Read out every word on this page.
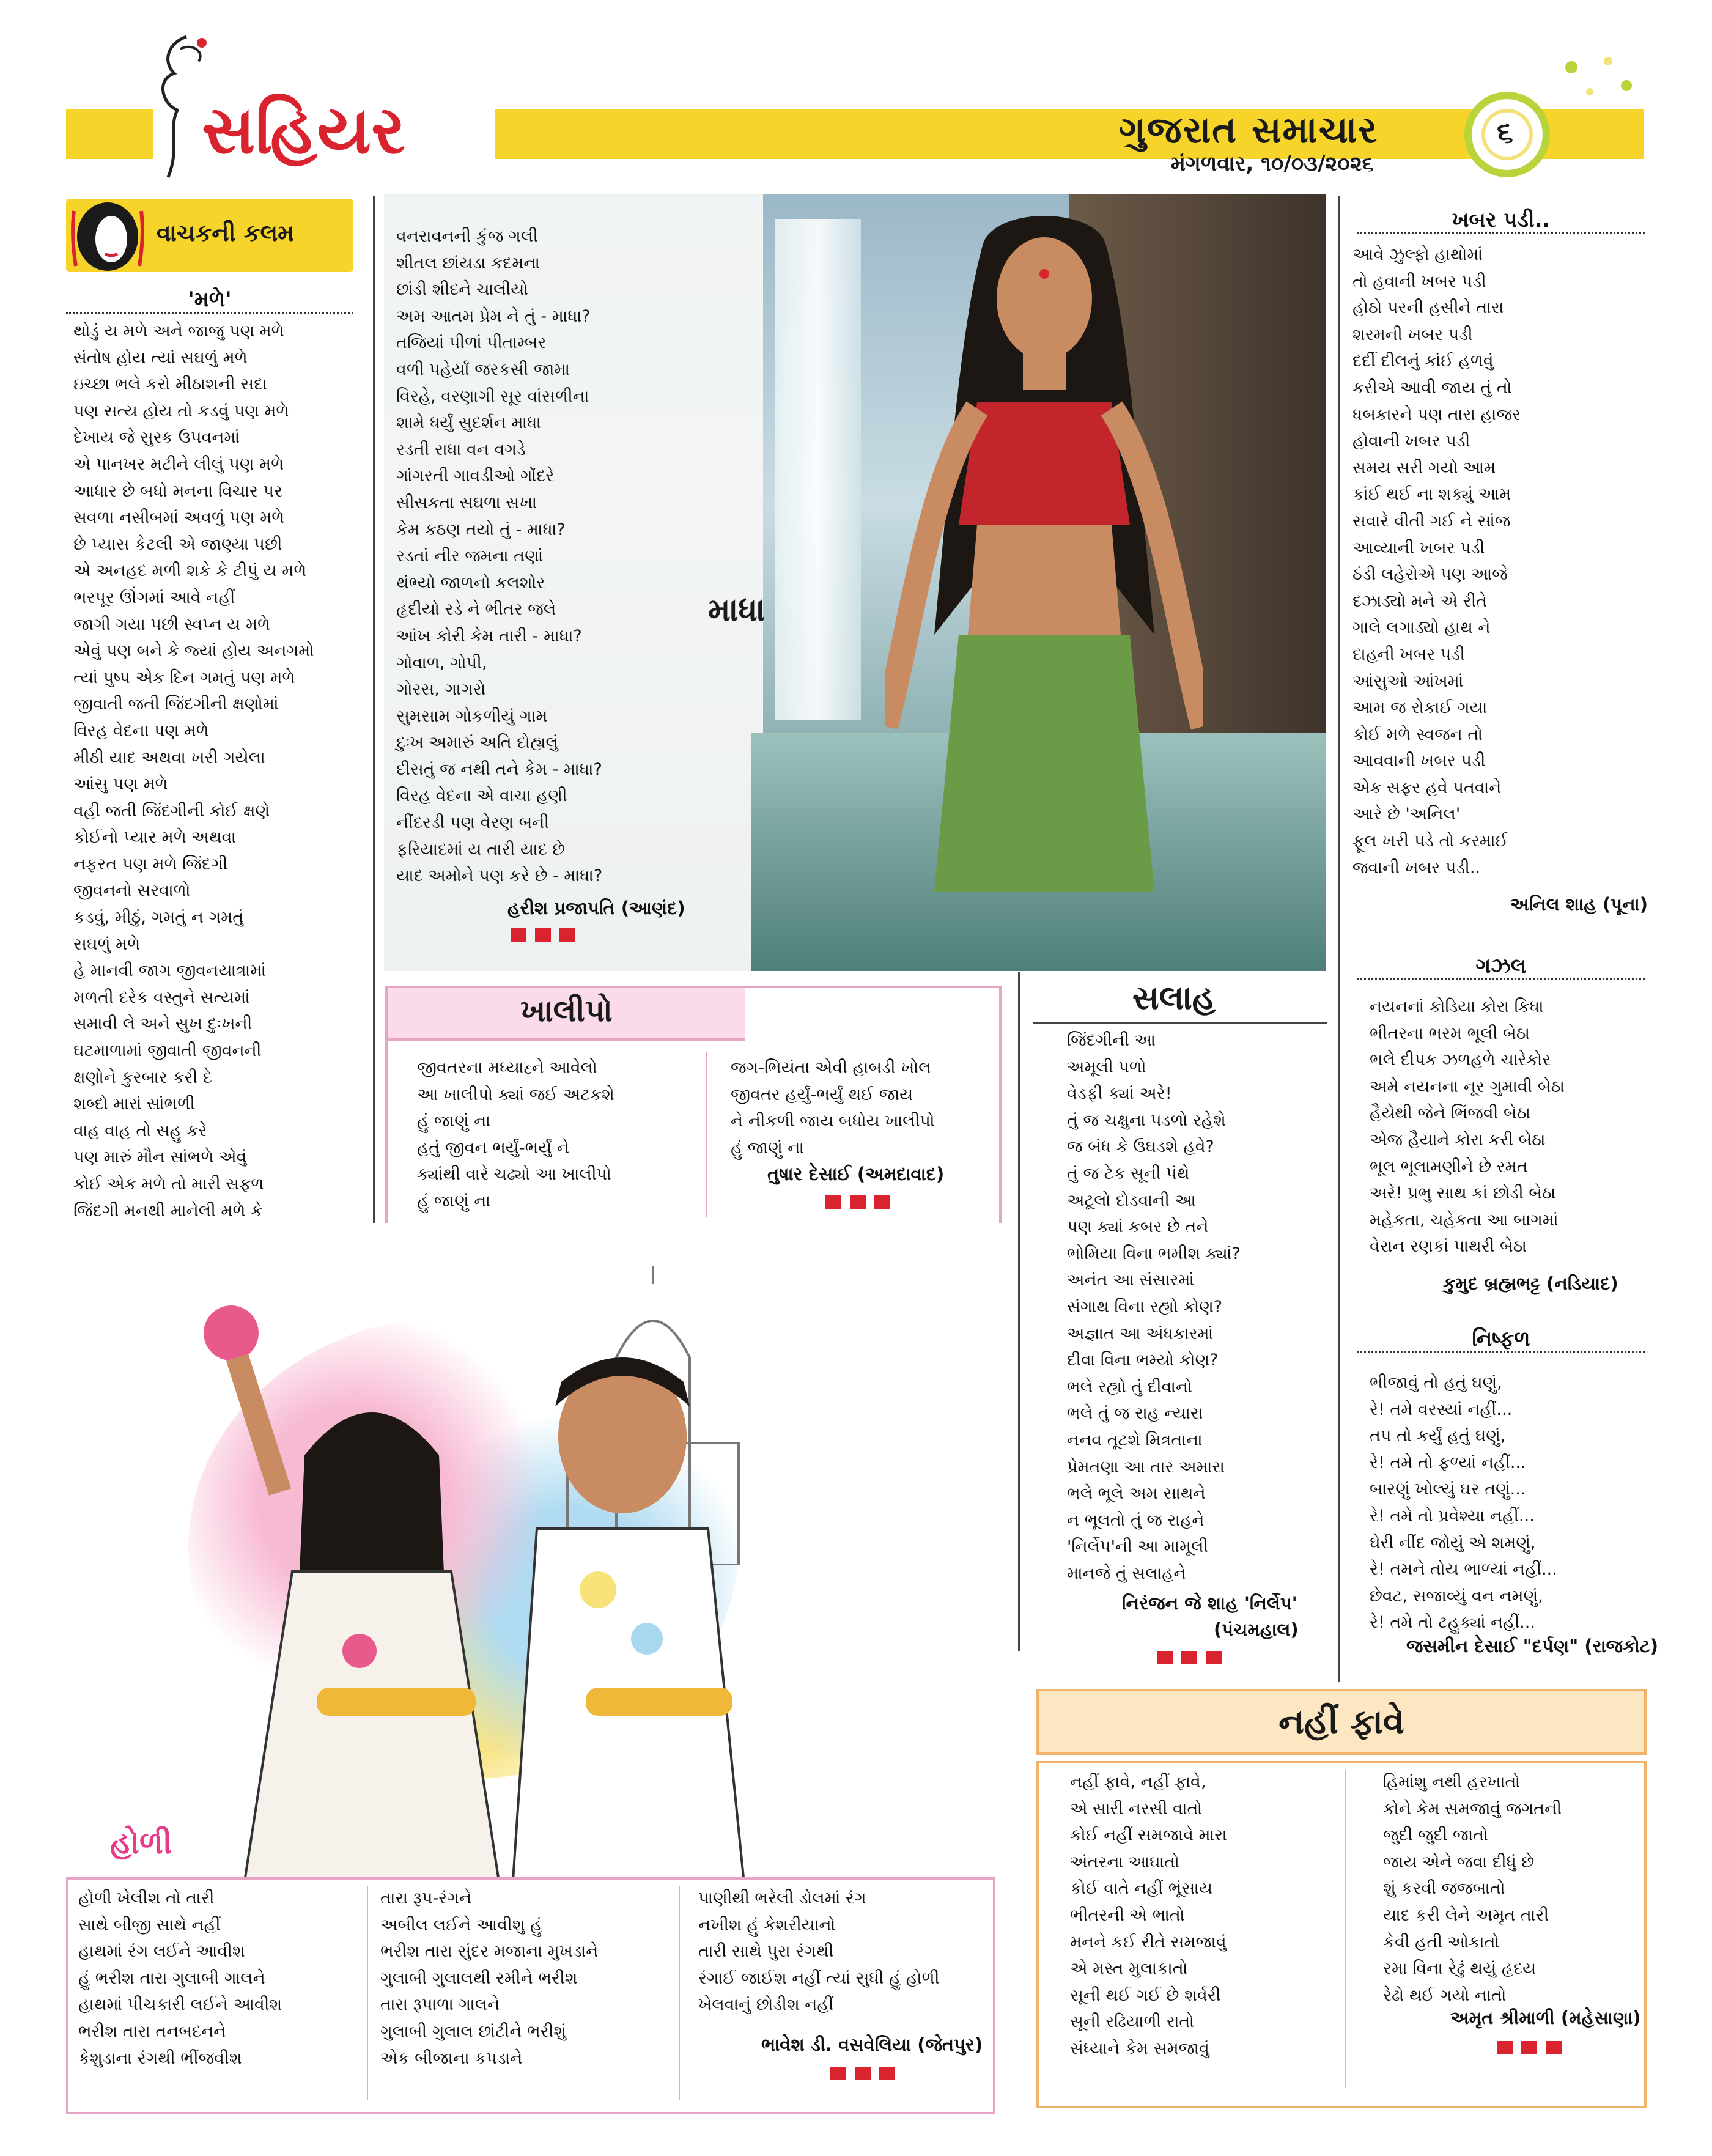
સહિયર	ગુજરાત સમાચાર
મંગળવાર, ૧૦/૦૩/૨૦૨૬
૬
વાચકની કલમ
'મળે'
થોડું ય મળે અને જાજુ પણ મળે
સંતોષ હોય ત્યાં સઘળું મળે
ઇચ્છા ભલે કરો મીઠાશની સદા
પણ સત્ય હોય તો કડવું પણ મળે
દેખાય જે સુસ્ક ઉપવનમાં
એ પાનખર મટીને લીલું પણ મળે
આધાર છે બધો મનના વિચાર પર
સવળા નસીબમાં અવળું પણ મળે
છે પ્યાસ કેટલી એ જાણ્યા પછી
એ અનહદ મળી શકે કે ટીપું ય મળે
ભરપૂર ઊંગમાં આવે નહીં
જાગી ગયા પછી સ્વપ્ન ય મળે
એવું પણ બને કે જ્યાં હોય અનગમો
ત્યાં પુષ્પ એક દિન ગમતું પણ મળે
જીવાતી જતી જિંદગીની ક્ષણોમાં
વિરહ વેદના પણ મળે
મીઠી યાદ અથવા ખરી ગયેલા
આંસુ પણ મળે
વહી જતી જિંદગીની કોઈ ક્ષણે
કોઈનો પ્યાર મળે અથવા
નફરત પણ મળે જિંદગી
જીવનનો સરવાળો
કડવું, મીઠું, ગમતું ન ગમતું
સઘળું મળે
હે માનવી જાગ જીવનયાત્રામાં
મળતી દરેક વસ્તુને સત્યમાં
સમાવી લે અને સુખ દુઃખની
ઘટમાળામાં જીવાતી જીવનની
ક્ષણોને કુરબાર કરી દે
શબ્દો મારાં સાંભળી
વાહ વાહ તો સહુ કરે
પણ મારું મૌન સાંભળે એવું
કોઈ એક મળે તો મારી સફળ
જિંદગી મનથી માનેલી મળે કે
માધા
વનરાવનની કુંજ ગલી
શીતલ છાંયડા કદમના
છાંડી શીદને ચાલીયો
અમ આતમ પ્રેમ ને તું - માધા?
તજિયાં પીળાં પીતામ્બર
વળી પહેર્યાં જરકસી જામા
વિરહે, વરણાગી સૂર વાંસળીના
શામે ધર્યું સુદર્શન માધા
રડતી રાધા વન વગડે
ગાંગરતી ગાવડીઓ ગોંદરે
સીસકતા સઘળા સખા
કેમ કઠણ તયો તું - માધા?
રડતાં નીર જમના તણાં
થંભ્યો જાળનો કલશોર
હૃદીયો રડે ને ભીતર જલે
આંખ કોરી કેમ તારી - માધા?
ગોવાળ, ગોપી,
ગોરસ, ગાગરો
સુમસામ ગોકળીયું ગામ
દુઃખ અમારું અતિ દોહ્યલું
દીસતું જ નથી તને કેમ - માધા?
વિરહ વેદના એ વાચા હણી
નીંદરડી પણ વેરણ બની
ફરિયાદમાં ય તારી યાદ છે
યાદ અમોને પણ કરે છે - માધા?
હરીશ પ્રજાપતિ (આણંદ)
ખબર પડી..
આવે ઝુલ્ફો હાથોમાં
તો હવાની ખબર પડી
હોઠો પરની હસીને તારા
શરમની ખબર પડી
દર્દી દીલનું કાંઈ હળવું
કરીએ આવી જાય તું તો
ધબકારને પણ તારા હાજર
હોવાની ખબર પડી
સમય સરી ગયો આમ
કાંઈ થઈ ના શક્યું આમ
સવારે વીતી ગઈ ને સાંજ
આવ્યાની ખબર પડી
ઠંડી લહેરોએ પણ આજે
દઝાડ્યો મને એ રીતે
ગાલે લગાડ્યો હાથ ને
દાહની ખબર પડી
આંસુઓ આંખમાં
આમ જ રોકાઈ ગયા
કોઈ મળે સ્વજન તો
આવવાની ખબર પડી
એક સફર હવે પતવાને
આરે છે 'અનિલ'
ફૂલ ખરી પડે તો કરમાઈ
જવાની ખબર પડી..
અનિલ શાહ (પૂના)
ગઝલ
નયનનાં કોડિયા કોરા કિધા
ભીતરના ભરમ ભૂલી બેઠા
ભલે દીપક ઝળહળે ચારેકોર
અમે નયનના નૂર ગુમાવી બેઠા
હૈયેથી જેને ભિંજવી બેઠા
એજ હૈયાને કોરા કરી બેઠા
ભૂલ ભૂલામણીને છે રમત
અરે! પ્રભુ સાથ કાં છોડી બેઠા
મહેકતા, ચહેકતા આ બાગમાં
વેરાન રણકાં પાથરી બેઠા
કુમુદ બ્રહ્મભટ્ટ (નડિયાદ)
નિષ્ફળ
ભીજાવું તો હતું ઘણું,
રે! તમે વરસ્યાં નહીં...
તપ તો કર્યું હતું ઘણું,
રે! તમે તો ફળ્યાં નહીં...
બારણું ખોલ્યું ઘર તણું...
રે! તમે તો પ્રવેશ્યા નહીં...
ઘેરી નીંદ જોયું એ શમણું,
રે! તમને તોય ભાળ્યાં નહીં...
છેવટ, સજાવ્યું વન નમણું,
રે! તમે તો ટહુક્યાં નહીં...
જસમીન દેસાઈ "દર્પણ" (રાજકોટ)
ખાલીપો
જીવતરના મધ્યાહ્ને આવેલો
આ ખાલીપો ક્યાં જઈ અટકશે
હું જાણું ના
હતું જીવન ભર્યું-ભર્યું ને
ક્યાંથી વારે ચઢ્યો આ ખાલીપો
હું જાણું ના
જગ-ભિયંતા એવી હાબડી ખોલ
જીવતર હર્યું-ભર્યું થઈ જાય
ને નીકળી જાય બધોય ખાલીપો
હું જાણું ના
તુષાર દેસાઈ (અમદાવાદ)
સલાહ
જિંદગીની આ
અમૂલી પળો
વેડફી ક્યાં અરે!
તું જ ચક્ષુના પડળો રહેશે
જ બંધ કે ઉઘડશે હવે?
તું જ ટેક સૂની પંથે
અટૂલો દોડવાની આ
પણ ક્યાં કબર છે તને
ભોમિયા વિના ભમીશ ક્યાં?
અનંત આ સંસારમાં
સંગાથ વિના રહ્યો કોણ?
અજ્ઞાત આ અંધકારમાં
દીવા વિના ભમ્યો કોણ?
ભલે રહ્યો તું દીવાનો
ભલે તું જ રાહ ન્યારા
નનવ તૂટશે મિત્રતાના
પ્રેમતણા આ તાર અમારા
ભલે ભૂલે અમ સાથને
ન ભૂલતો તું જ રાહને
'નિર્લેપ'ની આ મામૂલી
માનજે તું સલાહને
નિરંજન જે શાહ 'નિર્લેપ'
(પંચમહાલ)
હોળી
હોળી ખેલીશ તો તારી
સાથે બીજી સાથે નહીં
હાથમાં રંગ લઈને આવીશ
હું ભરીશ તારા ગુલાબી ગાલને
હાથમાં પીચકારી લઈને આવીશ
ભરીશ તારા તનબદનને
કેશુડાના રંગથી ભીંજવીશ
તારા રૂપ-રંગને
અબીલ લઈને આવીશુ હું
ભરીશ તારા સુંદર મજાના મુખડાને
ગુલાબી ગુલાલથી રમીને ભરીશ
તારા રૂપાળા ગાલને
ગુલાબી ગુલાલ છાંટીને ભરીશું
એક બીજાના કપડાને
પાણીથી ભરેલી ડોલમાં રંગ
નખીશ હું કેશરીયાનો
તારી સાથે પુરા રંગથી
રંગાઈ જાઈશ નહીં ત્યાં સુધી હું હોળી
ખેલવાનું છોડીશ નહીં
ભાવેશ ડી. વસવેલિયા (જેતપુર)
નહીં ફાવે
નહીં ફાવે, નહીં ફાવે,
એ સારી નરસી વાતો
કોઈ નહીં સમજાવે મારા
અંતરના આઘાતો
કોઈ વાતે નહીં ભૂંસાય
ભીતરની એ ભાતો
મનને કઈ રીતે સમજાવું
એ મસ્ત મુલાકાતો
સૂની થઈ ગઈ છે શર્વરી
સૂની રઢિયાળી રાતો
સંધ્યાને કેમ સમજાવું
હિમાંશુ નથી હરખાતો
કોને કેમ સમજાવું જગતની
જુદી જુદી જાતો
જાય એને જવા દીધું છે
શું કરવી જજબાતો
યાદ કરી લેને અમૃત તારી
કેવી હતી ઓકાતો
રમા વિના રેઢું થયું હૃદય
રેઢો થઈ ગયો નાતો
અમૃત શ્રીમાળી (મહેસાણા)
